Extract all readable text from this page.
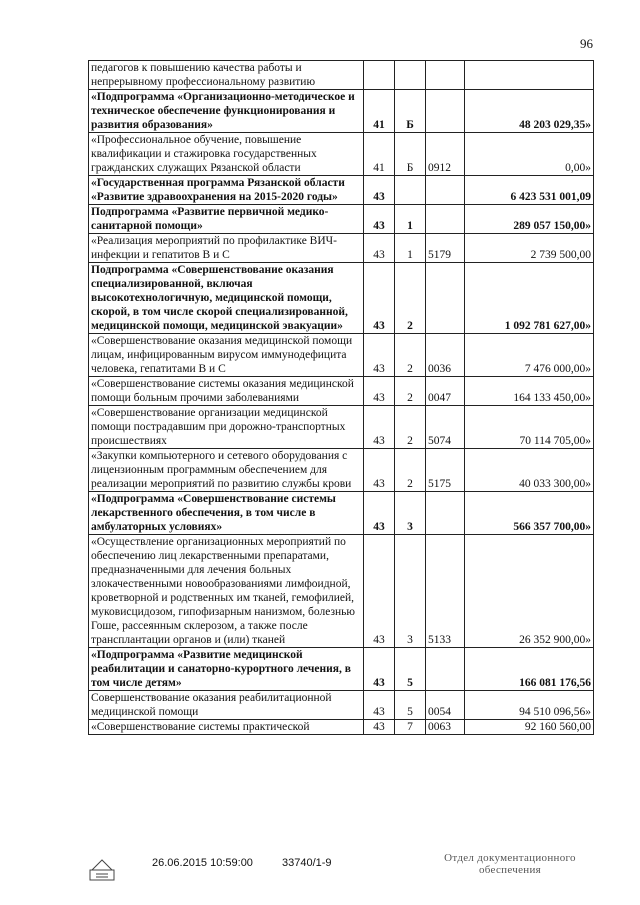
96
педагогов к повышению качества работы и непрерывному профессиональному развитию				
«Подпрограмма «Организационно-методическое и техническое обеспечение функционирования и развития образования»	41	Б		48 203 029,35»
«Профессиональное обучение, повышение квалификации и стажировка государственных гражданских служащих Рязанской области	41	Б	0912	0,00»
«Государственная программа Рязанской области «Развитие здравоохранения на 2015-2020 годы»	43			6 423 531 001,09
Подпрограмма «Развитие первичной медико-санитарной помощи»	43	1		289 057 150,00»
«Реализация мероприятий по профилактике ВИЧ-инфекции и гепатитов В и С	43	1	5179	2 739 500,00
Подпрограмма «Совершенствование оказания специализированной, включая высокотехнологичную, медицинской помощи, скорой, в том числе скорой специализированной, медицинской помощи, медицинской эвакуации»	43	2		1 092 781 627,00»
«Совершенствование оказания медицинской помощи лицам, инфицированным вирусом иммунодефицита человека, гепатитами В и С	43	2	0036	7 476 000,00»
«Совершенствование системы оказания медицинской помощи больным прочими заболеваниями	43	2	0047	164 133 450,00»
«Совершенствование организации медицинской помощи пострадавшим при дорожно-транспортных происшествиях	43	2	5074	70 114 705,00»
«Закупки компьютерного и сетевого оборудования с лицензионным программным обеспечением для реализации мероприятий по развитию службы крови	43	2	5175	40 033 300,00»
«Подпрограмма «Совершенствование системы лекарственного обеспечения, в том числе в амбулаторных условиях»	43	3		566 357 700,00»
«Осуществление организационных мероприятий по обеспечению лиц лекарственными препаратами, предназначенными для лечения больных злокачественными новообразованиями лимфоидной, кроветворной и родственных им тканей, гемофилией, муковисцидозом, гипофизарным нанизмом, болезнью Гоше, рассеянным склерозом, а также после трансплантации органов и (или) тканей	43	3	5133	26 352 900,00»
«Подпрограмма «Развитие медицинской реабилитации и санаторно-курортного лечения, в том числе детям»	43	5		166 081 176,56
Совершенствование оказания реабилитационной медицинской помощи	43	5	0054	94 510 096,56»
«Совершенствование системы практической	43	7	0063	92 160 560,00
26.06.2015 10:59:00	33740/1-9	Отдел документационного
обеспечения
